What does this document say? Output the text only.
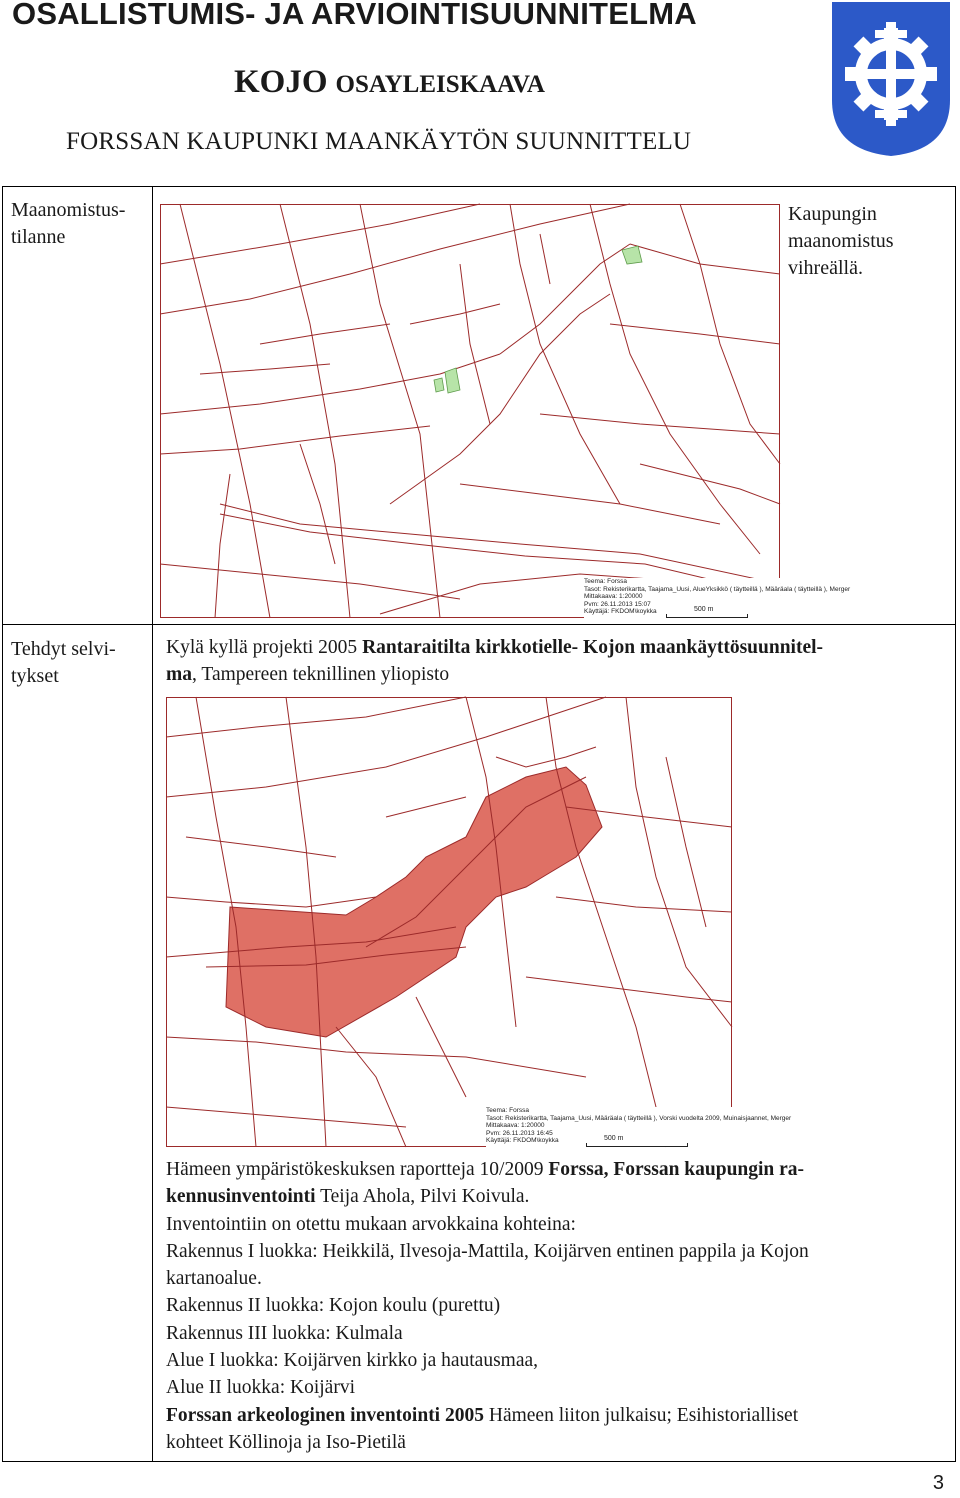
OSALLISTUMIS- JA ARVIOINTISUUNNITELMA
KOJO OSAYLEISKAAVA
FORSSAN KAUPUNKI MAANKÄYTÖN SUUNNITTELU
Maanomistus-
tilanne
Kaupungin
maanomistus
vihreällä.
Teema: Forssa
Tasot: Rekisterikartta, Taajama_Uusi, AlueYksikkö ( täytteillä ), Määräala ( täytteillä ), Merger
Mittakaava: 1:20000
Pvm: 26.11.2013 15:07
Käyttäjä: FKDOM\koykka	500 m
Tehdyt selvi-
tykset

Kylä kyllä projekti 2005 Rantaraitilta kirkkotielle- Kojon maankäyttösuunnitel-

ma, Tampereen teknillinen yliopisto

Teema: Forssa
Tasot: Rekisterikartta, Taajama_Uusi, Määräala ( täytteillä ), Vorski vuodelta 2009, Muinaisjaannet, Merger
Mittakaava: 1:20000
Pvm: 26.11.2013 16:45
Käyttäjä: FKDOM\koykka	500 m

Hämeen ympäristökeskuksen raportteja 10/2009 Forssa, Forssan kaupungin ra-

kennusinventointi Teija Ahola, Pilvi Koivula.

Inventointiin on otettu mukaan arvokkaina kohteina:

Rakennus I luokka: Heikkilä, Ilvesoja-Mattila, Koijärven entinen pappila ja Kojon

kartanoalue.

Rakennus II luokka: Kojon koulu (purettu)

Rakennus III luokka: Kulmala

Alue I luokka: Koijärven kirkko ja hautausmaa,

Alue II luokka: Koijärvi

Forssan arkeologinen inventointi 2005 Hämeen liiton julkaisu; Esihistorialliset

kohteet Köllinoja ja Iso-Pietilä

3
